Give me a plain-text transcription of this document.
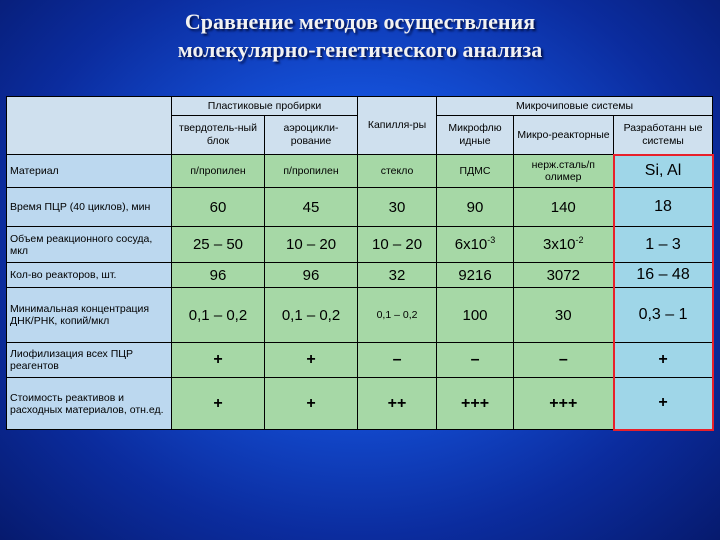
Сравнение методов осуществления
молекулярно-генетического анализа
	Пластиковые пробирки		Капилля-ры	Микрочиповые системы		
	твердотель-ный блок	аэроцикли-рование		Микрофлю идные	Микро-реакторные	Разработанн ые системы
Материал	п/пропилен	п/пропилен	стекло	ПДМС	нерж.сталь/п олимер	Si, Al
Время ПЦР (40 циклов), мин	60	45	30	90	140	18
Объем реакционного сосуда, мкл	25 – 50	10 – 20	10 – 20	$6x10^{-3}$	$3x10^{-2}$	1 – 3
Кол-во реакторов, шт.	96	96	32	9216	3072	16 – 48
Минимальная концентрация ДНК/РНК, копий/мкл	0,1 – 0,2	0,1 – 0,2	0,1 – 0,2	100	30	0,3 – 1
Лиофилизация всех ПЦР реагентов	+	+	–	–	–	+
Стоимость реактивов и расходных материалов, отн.ед.	+	+	++	+++	+++	+
